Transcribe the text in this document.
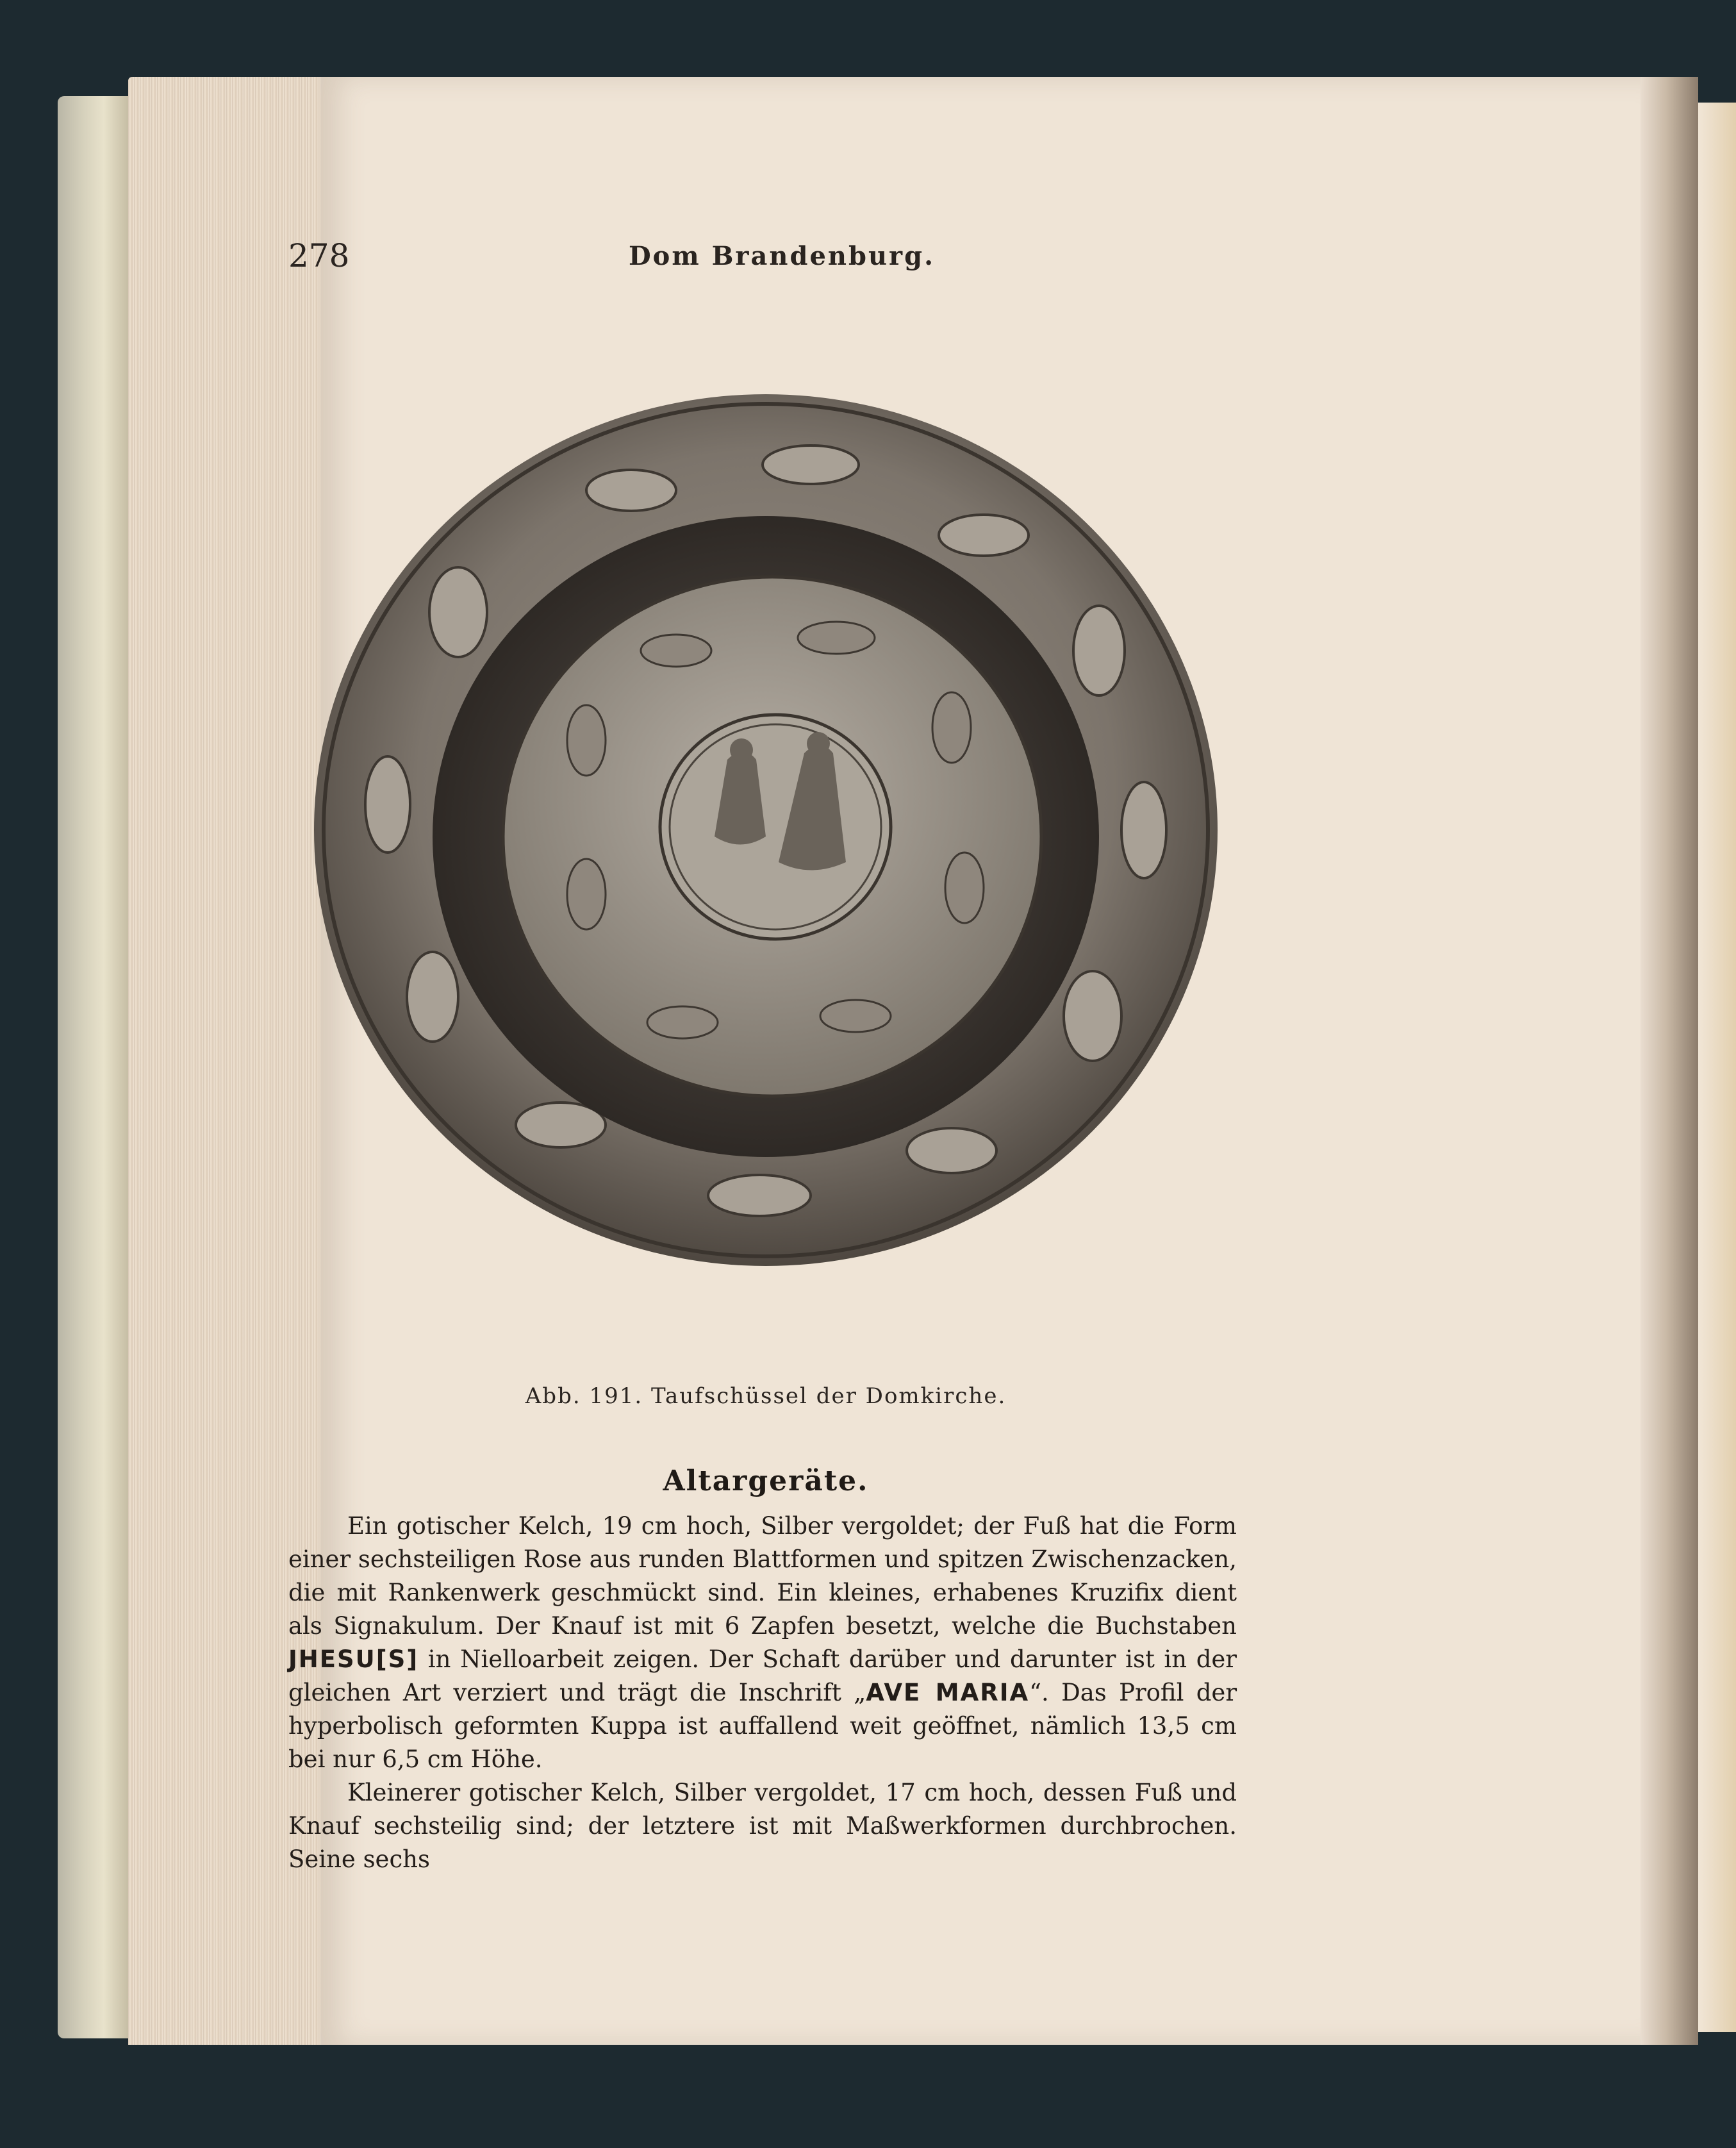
278	Dom Brandenburg.
Abb. 191. Taufschüssel der Domkirche.
Altargeräte.

Ein gotischer Kelch, 19 cm hoch, Silber vergoldet; der Fuß hat die Form einer sechsteiligen Rose aus runden Blattformen und spitzen Zwischenzacken, die mit Rankenwerk geschmückt sind. Ein kleines, erhabenes Kruzifix dient als Signakulum. Der Knauf ist mit 6 Zapfen besetzt, welche die Buchstaben JHESU[S] in Nielloarbeit zeigen. Der Schaft darüber und darunter ist in der gleichen Art verziert und trägt die Inschrift „AVE MARIA“. Das Profil der hyperbolisch geformten Kuppa ist auffallend weit geöffnet, nämlich 13,5 cm bei nur 6,5 cm Höhe.

Kleinerer gotischer Kelch, Silber vergoldet, 17 cm hoch, dessen Fuß und Knauf sechsteilig sind; der letztere ist mit Maßwerkformen durchbrochen. Seine sechs
